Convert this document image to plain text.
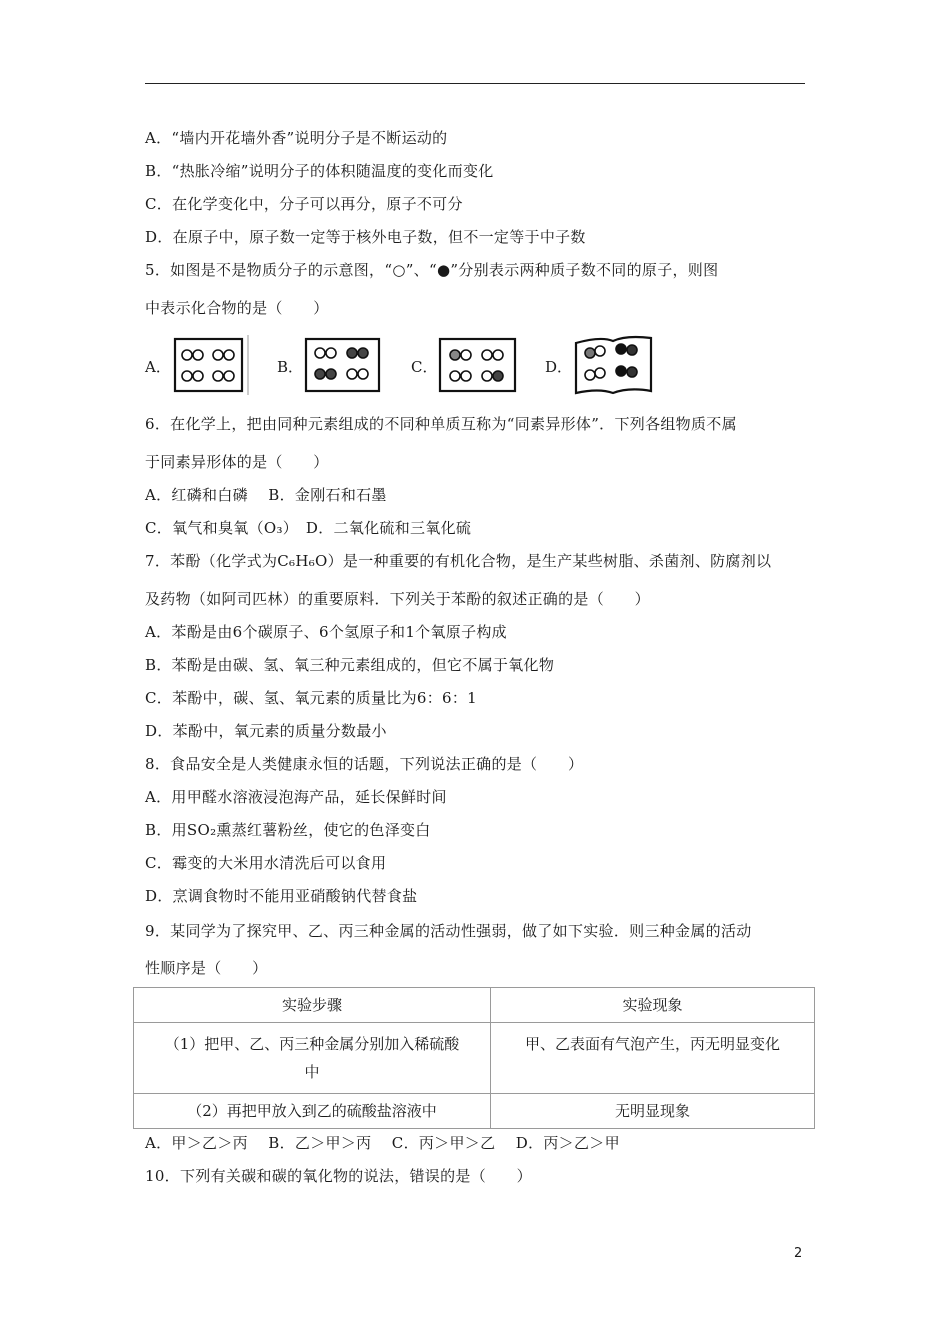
A．“墙内开花墙外香”说明分子是不断运动的
B．“热胀冷缩”说明分子的体积随温度的变化而变化
C．在化学变化中，分子可以再分，原子不可分
D．在原子中，原子数一定等于核外电子数，但不一定等于中子数
5．如图是不是物质分子的示意图，“○”、“●”分别表示两种质子数不同的原子，则图
中表示化合物的是（　　）
A．	B．	C．	D．
6．在化学上，把由同种元素组成的不同种单质互称为“同素异形体”．下列各组物质不属
于同素异形体的是（　　）
A．红磷和白磷　 B．金刚石和石墨
C．氧气和臭氧（O₃）　D．二氧化硫和三氧化硫
7．苯酚（化学式为C₆H₆O）是一种重要的有机化合物，是生产某些树脂、杀菌剂、防腐剂以
及药物（如阿司匹林）的重要原料．下列关于苯酚的叙述正确的是（　　）
A．苯酚是由6个碳原子、6个氢原子和1个氧原子构成
B．苯酚是由碳、氢、氧三种元素组成的，但它不属于氧化物
C．苯酚中，碳、氢、氧元素的质量比为6：6：1
D．苯酚中，氧元素的质量分数最小
8．食品安全是人类健康永恒的话题，下列说法正确的是（　　）
A．用甲醛水溶液浸泡海产品，延长保鲜时间
B．用SO₂熏蒸红薯粉丝，使它的色泽变白
C．霉变的大米用水清洗后可以食用
D．烹调食物时不能用亚硝酸钠代替食盐
9．某同学为了探究甲、乙、丙三种金属的活动性强弱，做了如下实验．则三种金属的活动
性顺序是（　　）
实验步骤	实验现象

（1）把甲、乙、丙三种金属分别加入稀硫酸
中	甲、乙表面有气泡产生，丙无明显变化
（2）再把甲放入到乙的硫酸盐溶液中	无明显现象
A．甲＞乙＞丙　 B．乙＞甲＞丙　 C．丙＞甲＞乙　 D．丙＞乙＞甲
10．下列有关碳和碳的氧化物的说法，错误的是（　　）
2
